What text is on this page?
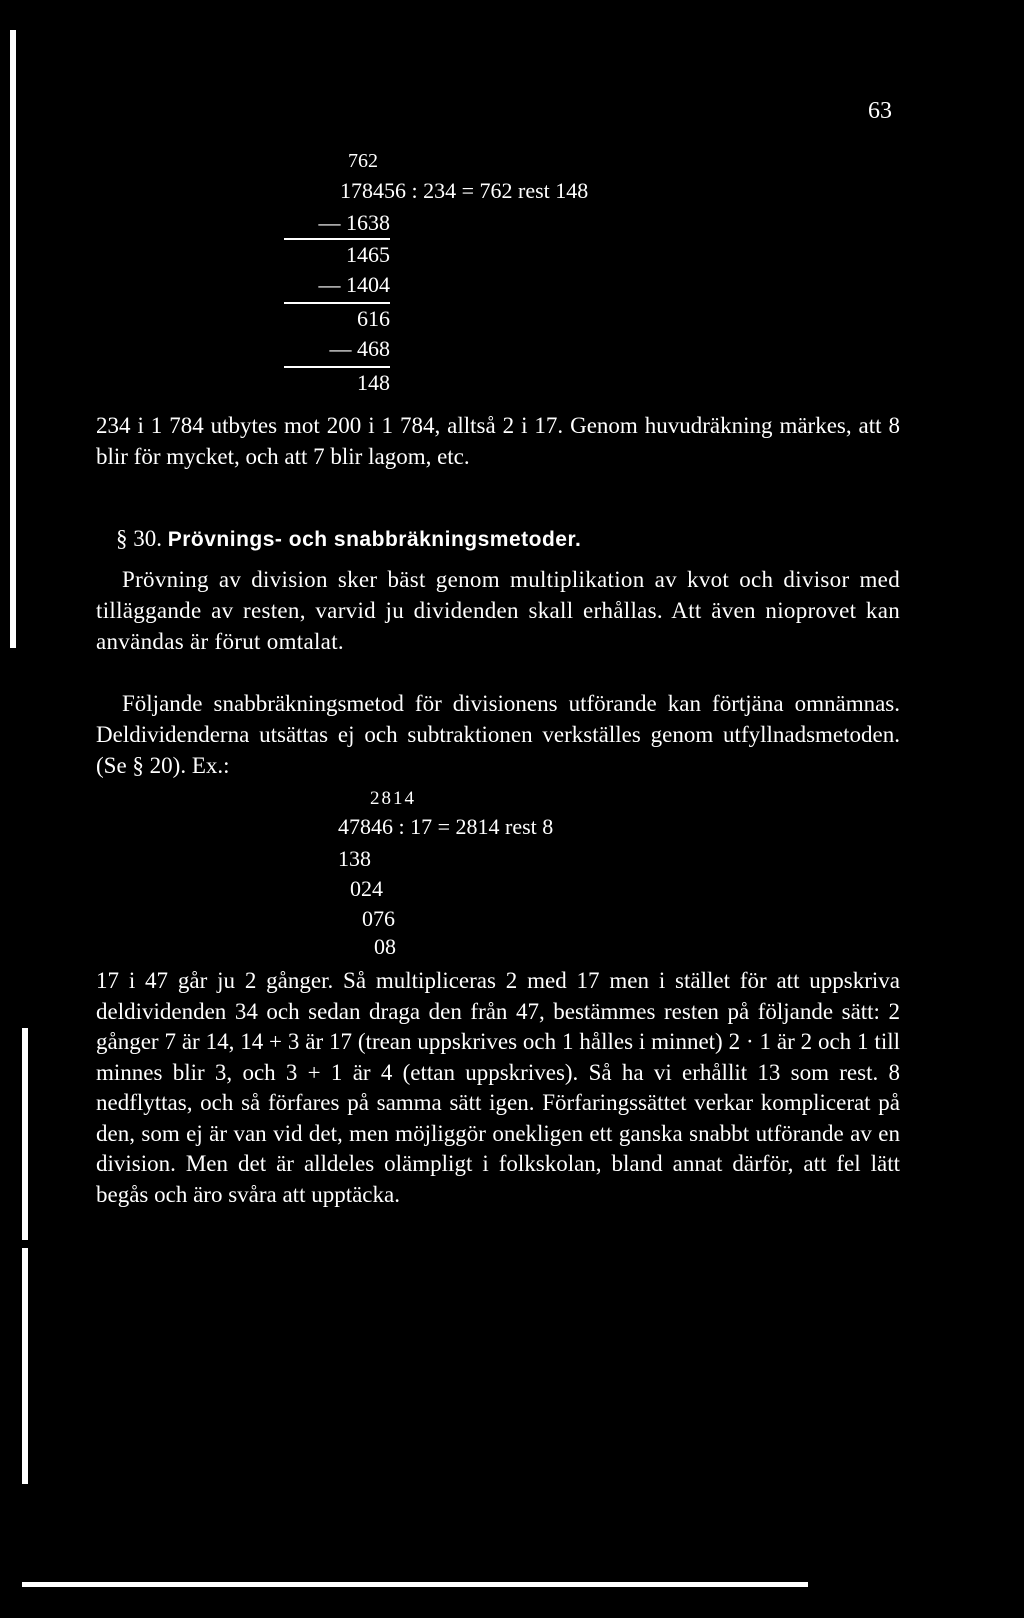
63
762
178456 : 234 = 762 rest 148
— 1638
1465
— 1404
616
— 468
148

234 i 1 784 utbytes mot 200 i 1 784, alltså 2 i 17. Genom huvudräkning märkes, att 8 blir för mycket, och att 7 blir lagom, etc.

§ 30. Prövnings- och snabbräkningsmetoder.

Prövning av division sker bäst genom multiplikation av kvot och divisor med tilläggande av resten, varvid ju dividenden skall erhållas. Att även nioprovet kan användas är förut omtalat.

Följande snabbräkningsmetod för divisionens utförande kan förtjäna omnämnas. Deldividenderna utsättas ej och subtraktionen verkställes genom utfyllnadsmetoden. (Se § 20). Ex.:

2814
47846 : 17 = 2814 rest 8
138
024
076
08

17 i 47 går ju 2 gånger. Så multipliceras 2 med 17 men i stället för att uppskriva deldividenden 34 och sedan draga den från 47, bestämmes resten på följande sätt: 2 gånger 7 är 14, 14 + 3 är 17 (trean uppskrives och 1 hålles i minnet) 2 · 1 är 2 och 1 till minnes blir 3, och 3 + 1 är 4 (ettan uppskrives). Så ha vi erhållit 13 som rest. 8 nedflyttas, och så förfares på samma sätt igen. Förfaringssättet verkar komplicerat på den, som ej är van vid det, men möjliggör onekligen ett ganska snabbt utförande av en division. Men det är alldeles olämpligt i folkskolan, bland annat därför, att fel lätt begås och äro svåra att upptäcka.
